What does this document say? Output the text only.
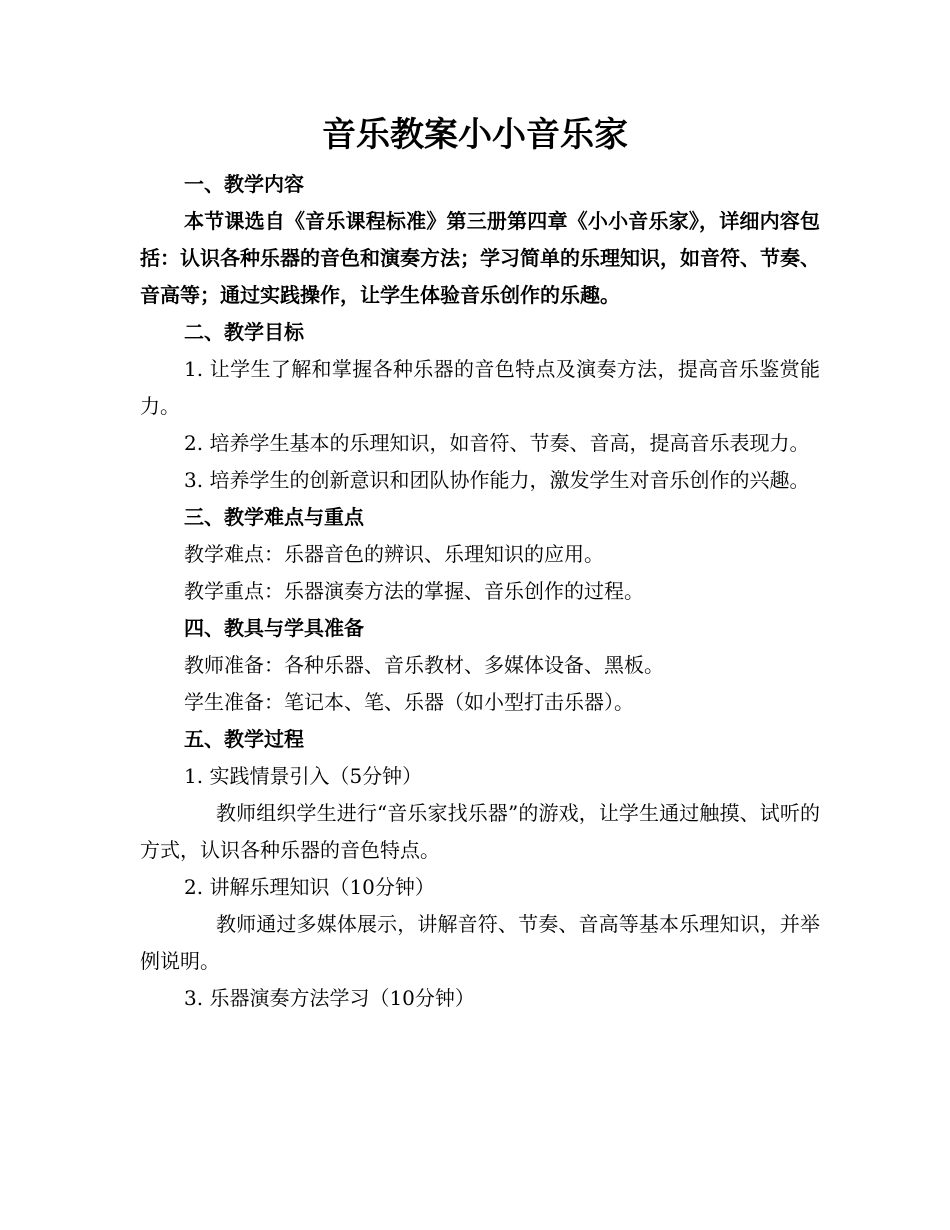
音乐教案小小音乐家

一、教学内容

本节课选自《音乐课程标准》第三册第四章《小小音乐家》，详细内容包括：认识各种乐器的音色和演奏方法；学习简单的乐理知识，如音符、节奏、音高等；通过实践操作，让学生体验音乐创作的乐趣。

二、教学目标

1. 让学生了解和掌握各种乐器的音色特点及演奏方法，提高音乐鉴赏能力。

2. 培养学生基本的乐理知识，如音符、节奏、音高，提高音乐表现力。

3. 培养学生的创新意识和团队协作能力，激发学生对音乐创作的兴趣。

三、教学难点与重点

教学难点：乐器音色的辨识、乐理知识的应用。

教学重点：乐器演奏方法的掌握、音乐创作的过程。

四、教具与学具准备

教师准备：各种乐器、音乐教材、多媒体设备、黑板。

学生准备：笔记本、笔、乐器（如小型打击乐器）。

五、教学过程

1. 实践情景引入（5分钟）

教师组织学生进行“音乐家找乐器”的游戏，让学生通过触摸、试听的方式，认识各种乐器的音色特点。

2. 讲解乐理知识（10分钟）

教师通过多媒体展示，讲解音符、节奏、音高等基本乐理知识，并举例说明。

3. 乐器演奏方法学习（10分钟）
